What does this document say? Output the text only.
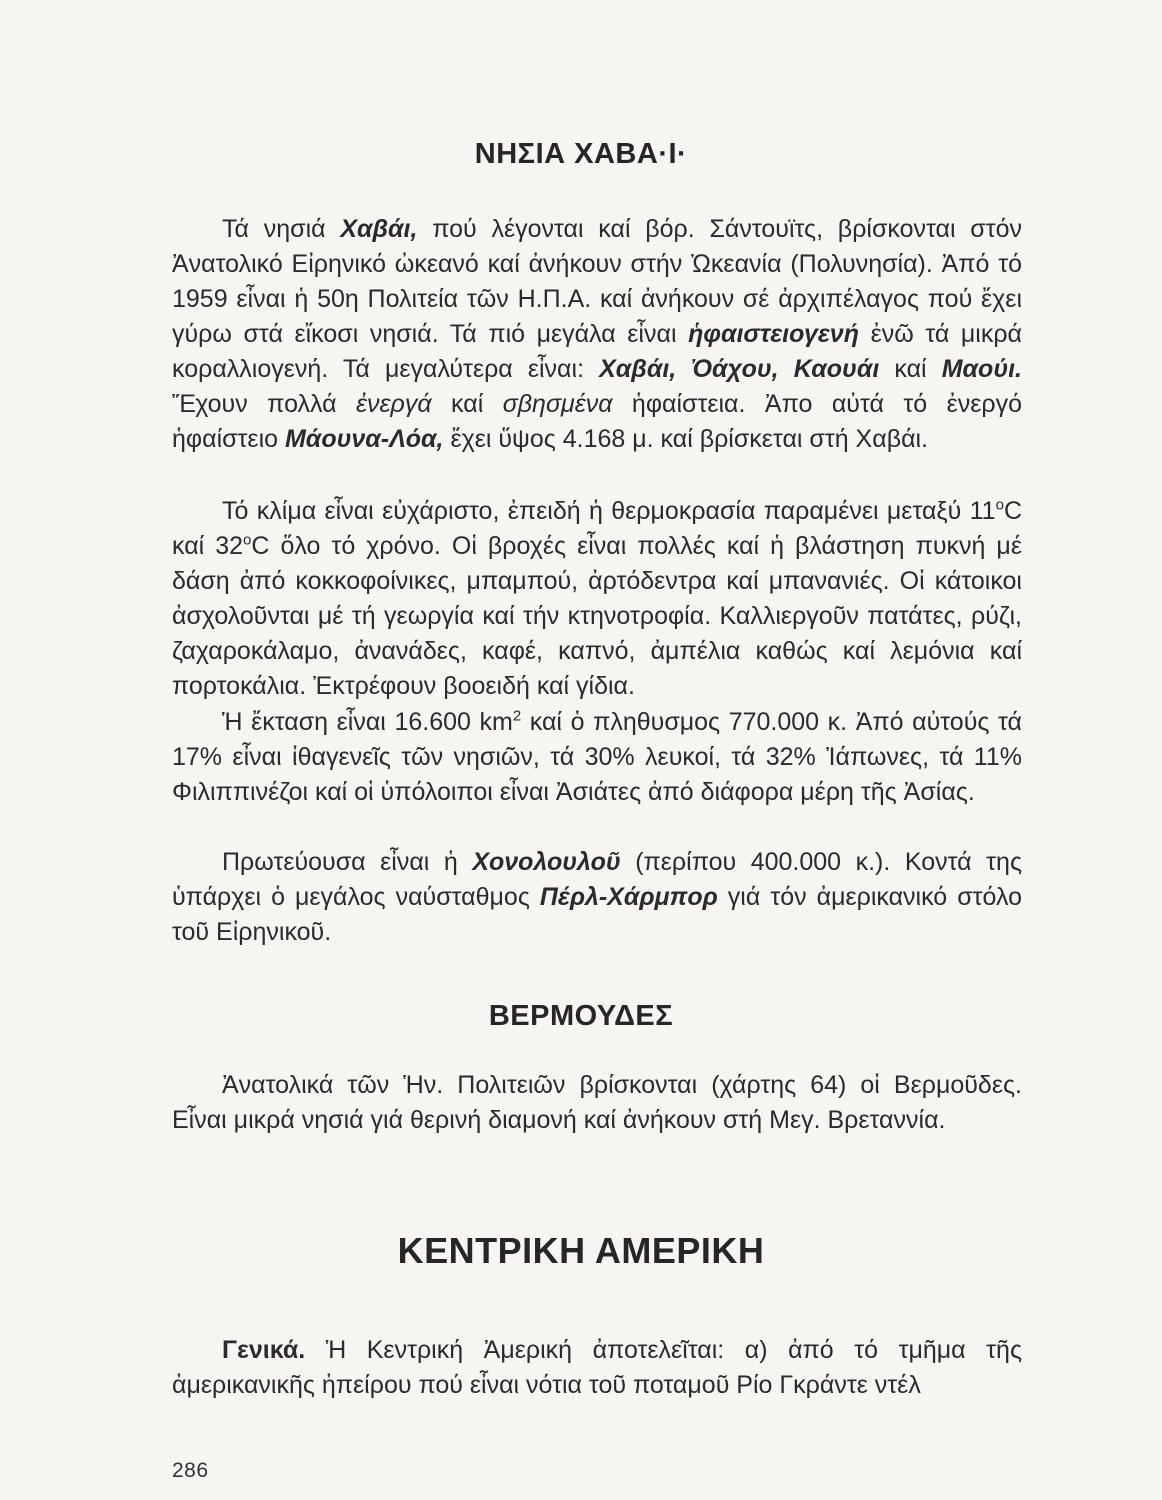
ΝΗΣΙΑ ΧΑΒΑ·Ι·

Τά νησιά Χαβάι, πού λέγονται καί βόρ. Σάντουϊτς, βρίσκονται στόν Ἀνατολικό Εἰρηνικό ὠκεανό καί ἀνήκουν στήν Ὠκεανία (Πολυνησία). Ἀπό τό 1959 εἶναι ἡ 50η Πολιτεία τῶν Η.Π.Α. καί ἀνήκουν σέ ἀρχιπέλαγος πού ἔχει γύρω στά εἴκοσι νησιά. Τά πιό μεγάλα εἶναι ἡφαιστειογενή ἐνῶ τά μικρά κοραλλιογενή. Τά μεγαλύτερα εἶναι: Χαβάι, Ὀάχου, Καουάι καί Μαούι. Ἔχουν πολλά ἐνεργά καί σβησμένα ἡφαίστεια. Ἀπο αὐτά τό ἐνεργό ἡφαίστειο Μάουνα-Λόα, ἔχει ὕψος 4.168 μ. καί βρίσκεται στή Χαβάι.

Τό κλίμα εἶναι εὐχάριστο, ἐπειδή ἡ θερμοκρασία παραμένει μεταξύ 11$^o$C καί 32$^o$C ὅλο τό χρόνο. Οἱ βροχές εἶναι πολλές καί ἡ βλάστηση πυκνή μέ δάση ἀπό κοκκοφοίνικες, μπαμπού, ἀρτόδεντρα καί μπανανιές. Οἱ κάτοικοι ἀσχολοῦνται μέ τή γεωργία καί τήν κτηνοτροφία. Καλλιεργοῦν πατάτες, ρύζι, ζαχαροκάλαμο, ἀνανάδες, καφέ, καπνό, ἀμπέλια καθώς καί λεμόνια καί πορτοκάλια. Ἐκτρέφουν βοοειδή καί γίδια.

Ἡ ἔκταση εἶναι 16.600 $km^2$ καί ὁ πληθυσμος 770.000 κ. Ἀπό αὐτούς τά 17% εἶναι ἰθαγενεῖς τῶν νησιῶν, τά 30% λευκοί, τά 32% Ἰάπωνες, τά 11% Φιλιππινέζοι καί οἱ ὑπόλοιποι εἶναι Ἀσιάτες ἀπό διάφορα μέρη τῆς Ἀσίας.

Πρωτεύουσα εἶναι ἡ Χονολουλοῦ (περίπου 400.000 κ.). Κοντά της ὑπάρχει ὁ μεγάλος ναύσταθμος Πέρλ-Χάρμπορ γιά τόν ἀμερικανικό στόλο τοῦ Εἰρηνικοῦ.

ΒΕΡΜΟΥΔΕΣ

Ἀνατολικά τῶν Ἡν. Πολιτειῶν βρίσκονται (χάρτης 64) οἱ Βερμοῦδες. Εἶναι μικρά νησιά γιά θερινή διαμονή καί ἀνήκουν στή Μεγ. Βρεταννία.

ΚΕΝΤΡΙΚΗ ΑΜΕΡΙΚΗ

Γενικά. Ἡ Κεντρική Ἀμερική ἀποτελεῖται: α) ἀπό τό τμῆμα τῆς ἀμερικανικῆς ἠπείρου πού εἶναι νότια τοῦ ποταμοῦ Ρίο Γκράντε ντέλ

286
